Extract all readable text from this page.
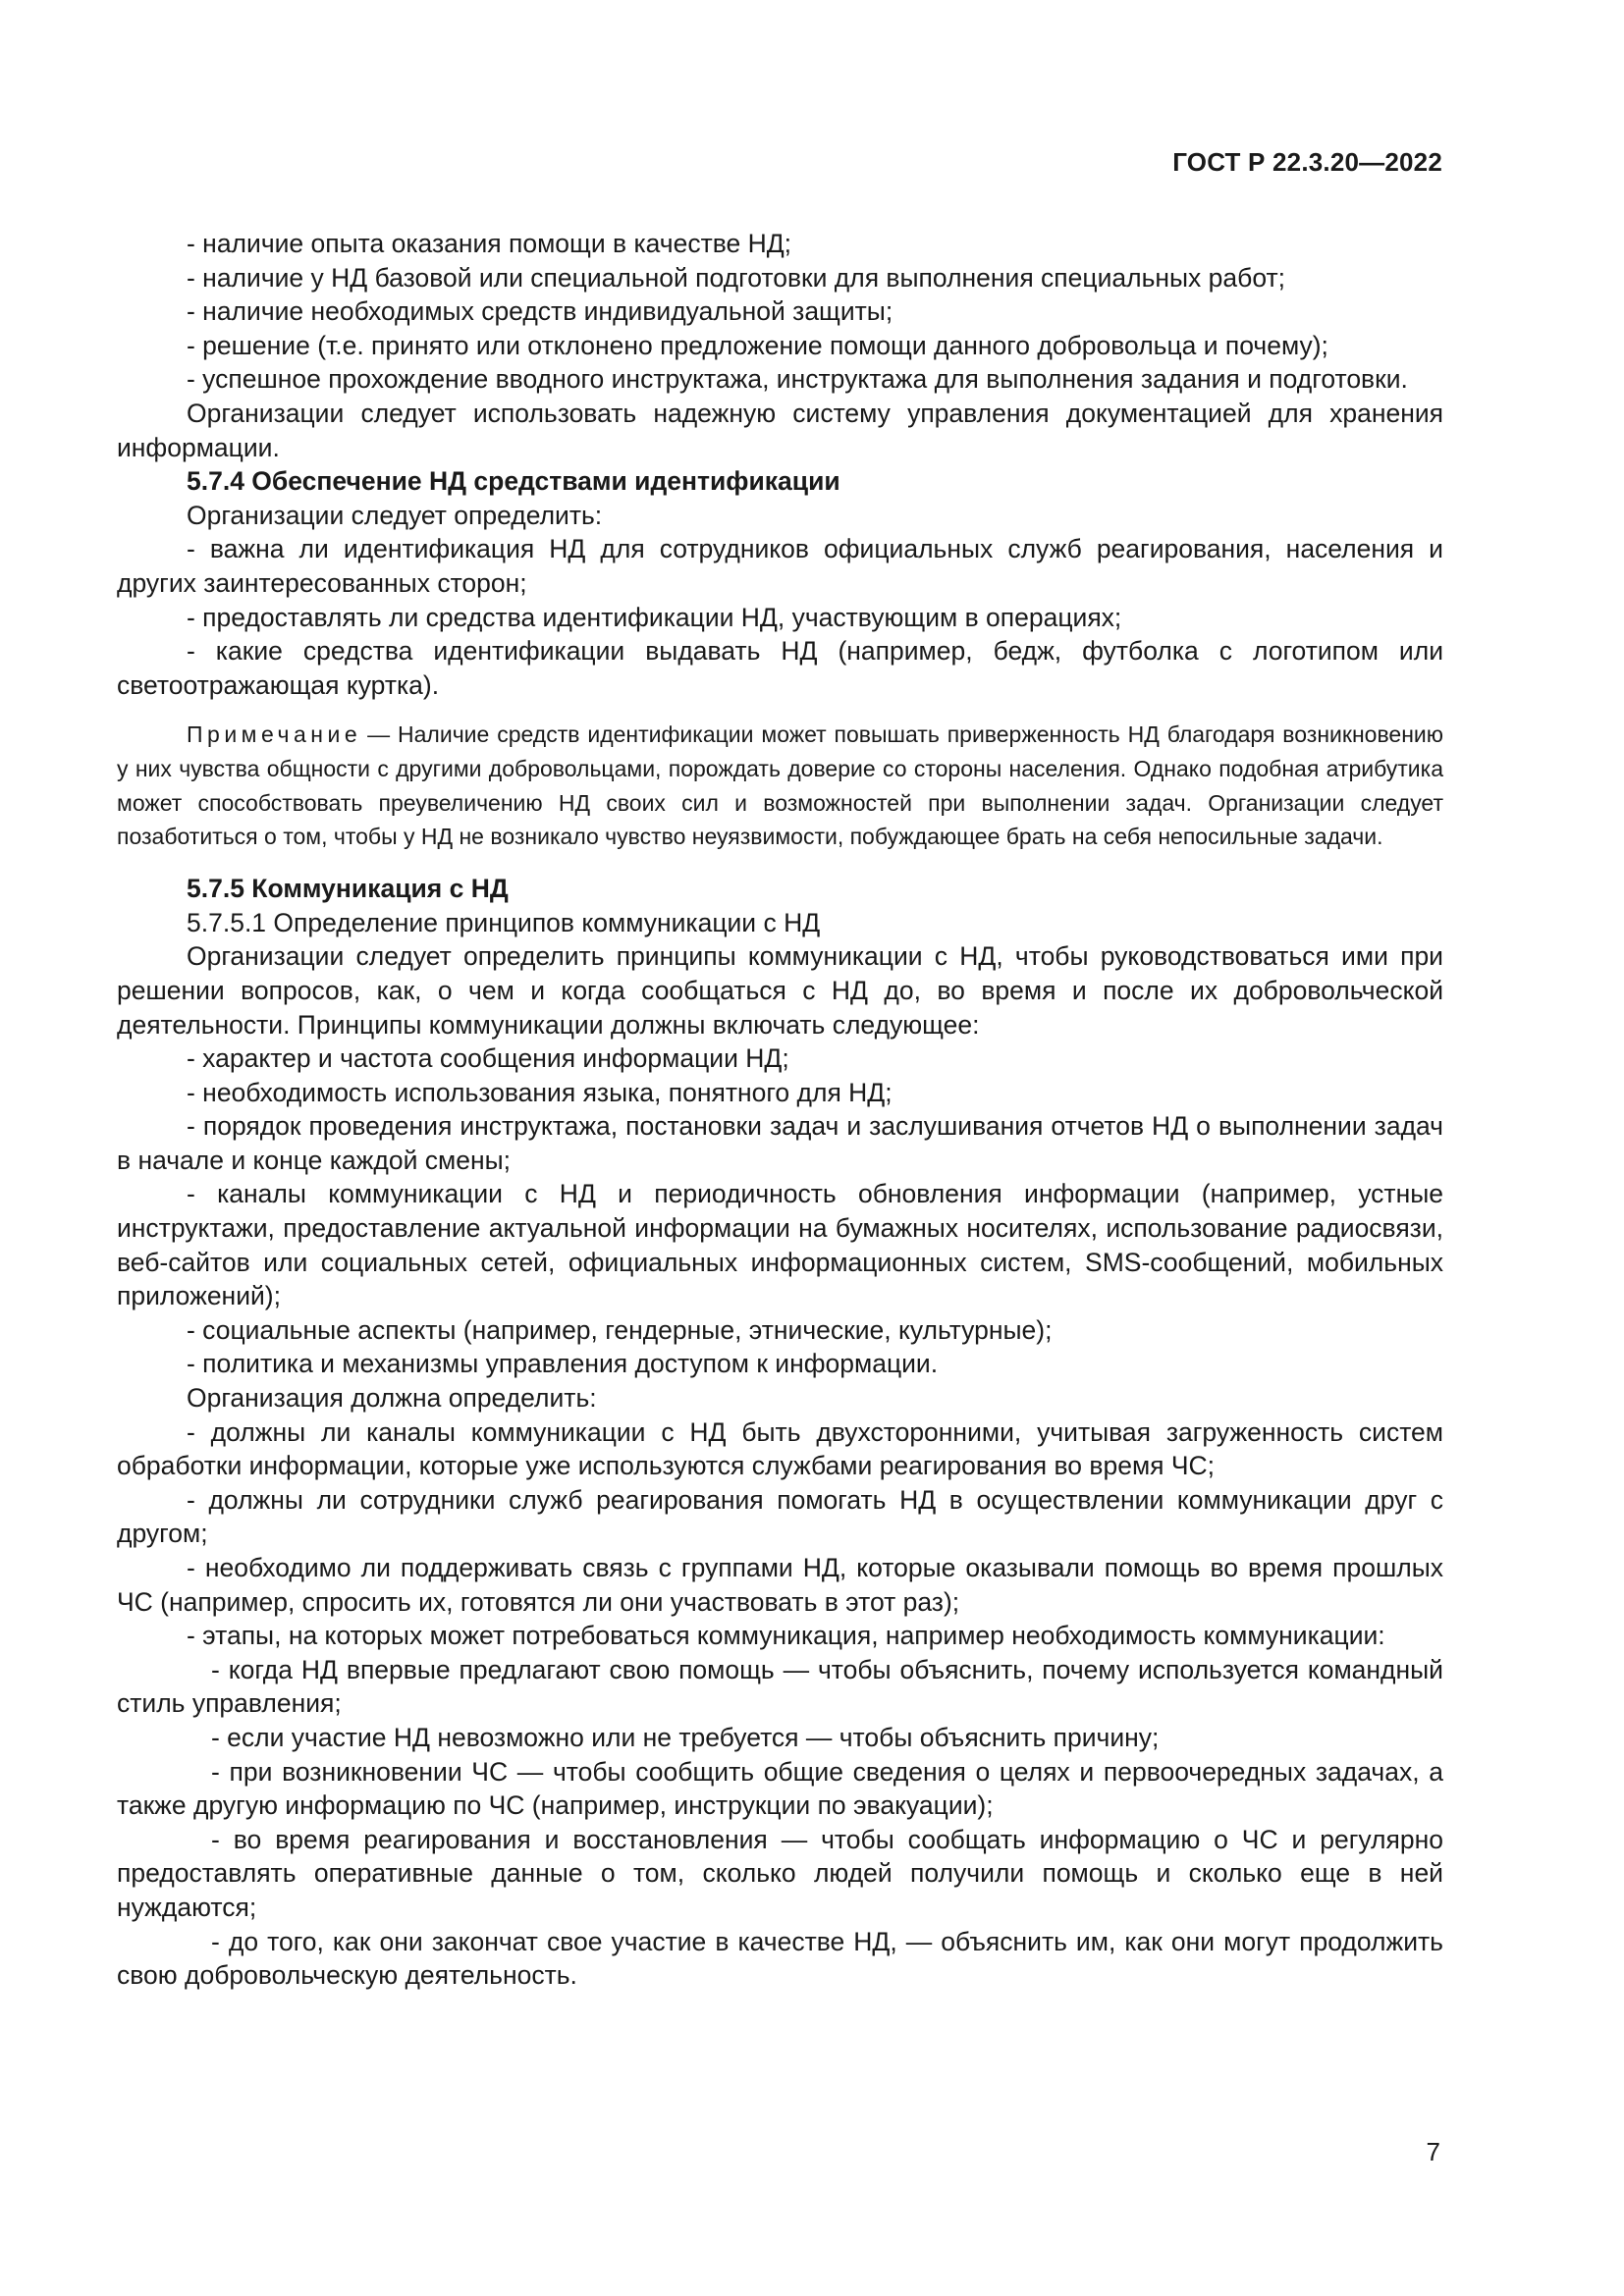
ГОСТ Р 22.3.20—2022

- наличие опыта оказания помощи в качестве НД;

- наличие у НД базовой или специальной подготовки для выполнения специальных работ;

- наличие необходимых средств индивидуальной защиты;

- решение (т.е. принято или отклонено предложение помощи данного добровольца и почему);

- успешное прохождение вводного инструктажа, инструктажа для выполнения задания и подготовки.

Организации следует использовать надежную систему управления документацией для хранения информации.

5.7.4 Обеспечение НД средствами идентификации

Организации следует определить:

- важна ли идентификация НД для сотрудников официальных служб реагирования, населения и других заинтересованных сторон;

- предоставлять ли средства идентификации НД, участвующим в операциях;

- какие средства идентификации выдавать НД (например, бедж, футболка с логотипом или светоотражающая куртка).

Примечание — Наличие средств идентификации может повышать приверженность НД благодаря возникновению у них чувства общности с другими добровольцами, порождать доверие со стороны населения. Однако подобная атрибутика может способствовать преувеличению НД своих сил и возможностей при выполнении задач. Организации следует позаботиться о том, чтобы у НД не возникало чувство неуязвимости, побуждающее брать на себя непосильные задачи.

5.7.5 Коммуникация с НД

5.7.5.1 Определение принципов коммуникации с НД

Организации следует определить принципы коммуникации с НД, чтобы руководствоваться ими при решении вопросов, как, о чем и когда сообщаться с НД до, во время и после их добровольческой деятельности. Принципы коммуникации должны включать следующее:

- характер и частота сообщения информации НД;

- необходимость использования языка, понятного для НД;

- порядок проведения инструктажа, постановки задач и заслушивания отчетов НД о выполнении задач в начале и конце каждой смены;

- каналы коммуникации с НД и периодичность обновления информации (например, устные инструктажи, предоставление актуальной информации на бумажных носителях, использование радиосвязи, веб-сайтов или социальных сетей, официальных информационных систем, SMS-сообщений, мобильных приложений);

- социальные аспекты (например, гендерные, этнические, культурные);

- политика и механизмы управления доступом к информации.

Организация должна определить:

- должны ли каналы коммуникации с НД быть двухсторонними, учитывая загруженность систем обработки информации, которые уже используются службами реагирования во время ЧС;

- должны ли сотрудники служб реагирования помогать НД в осуществлении коммуникации друг с другом;

- необходимо ли поддерживать связь с группами НД, которые оказывали помощь во время прошлых ЧС (например, спросить их, готовятся ли они участвовать в этот раз);

- этапы, на которых может потребоваться коммуникация, например необходимость коммуникации:

- когда НД впервые предлагают свою помощь — чтобы объяснить, почему используется командный стиль управления;

- если участие НД невозможно или не требуется — чтобы объяснить причину;

- при возникновении ЧС — чтобы сообщить общие сведения о целях и первоочередных задачах, а также другую информацию по ЧС (например, инструкции по эвакуации);

- во время реагирования и восстановления — чтобы сообщать информацию о ЧС и регулярно предоставлять оперативные данные о том, сколько людей получили помощь и сколько еще в ней нуждаются;

- до того, как они закончат свое участие в качестве НД, — объяснить им, как они могут продолжить свою добровольческую деятельность.

7
